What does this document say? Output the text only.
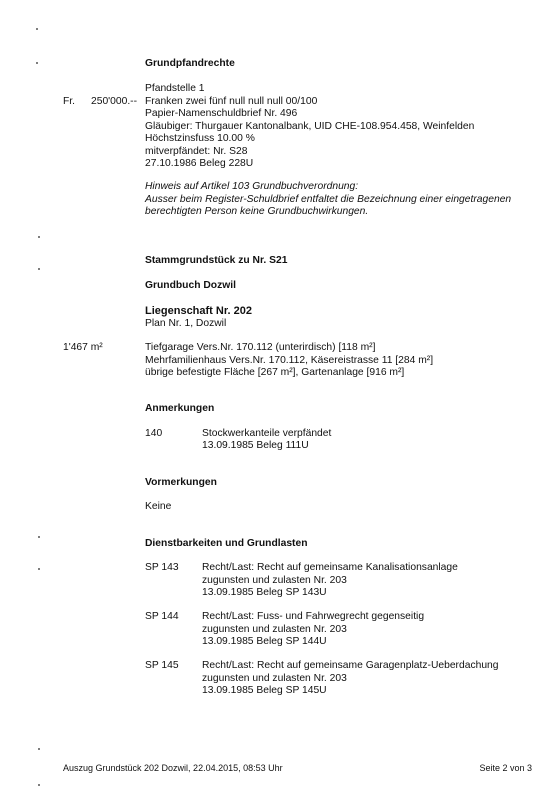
Grundpfandrechte
Fr. 250'000.--
Pfandstelle 1
Franken zwei fünf null null null 00/100
Papier-Namenschuldbrief Nr. 496
Gläubiger: Thurgauer Kantonalbank, UID CHE-108.954.458, Weinfelden
Höchstzinsfuss 10.00 %
mitverpfändet: Nr. S28
27.10.1986 Beleg 228U
Hinweis auf Artikel 103 Grundbuchverordnung:
Ausser beim Register-Schuldbrief entfaltet die Bezeichnung einer eingetragenen
berechtigten Person keine Grundbuchwirkungen.
Stammgrundstück zu Nr. S21
Grundbuch Dozwil
Liegenschaft Nr. 202
Plan Nr. 1, Dozwil
1'467 m²	Tiefgarage Vers.Nr. 170.112 (unterirdisch) [118 m²]
Mehrfamilienhaus Vers.Nr. 170.112, Käsereistrasse 11 [284 m²]
übrige befestigte Fläche [267 m²], Gartenanlage [916 m²]
Anmerkungen
140	Stockwerkanteile verpfändet
13.09.1985 Beleg 111U
Vormerkungen
Keine
Dienstbarkeiten und Grundlasten
SP 143 Recht/Last: Recht auf gemeinsame Kanalisationsanlage
zugunsten und zulasten Nr. 203
13.09.1985 Beleg SP 143U
SP 144 Recht/Last: Fuss- und Fahrwegrecht gegenseitig
zugunsten und zulasten Nr. 203
13.09.1985 Beleg SP 144U
SP 145 Recht/Last: Recht auf gemeinsame Garagenplatz-Ueberdachung
zugunsten und zulasten Nr. 203
13.09.1985 Beleg SP 145U
Auszug Grundstück 202 Dozwil, 22.04.2015, 08:53 Uhr	Seite 2 von 3
